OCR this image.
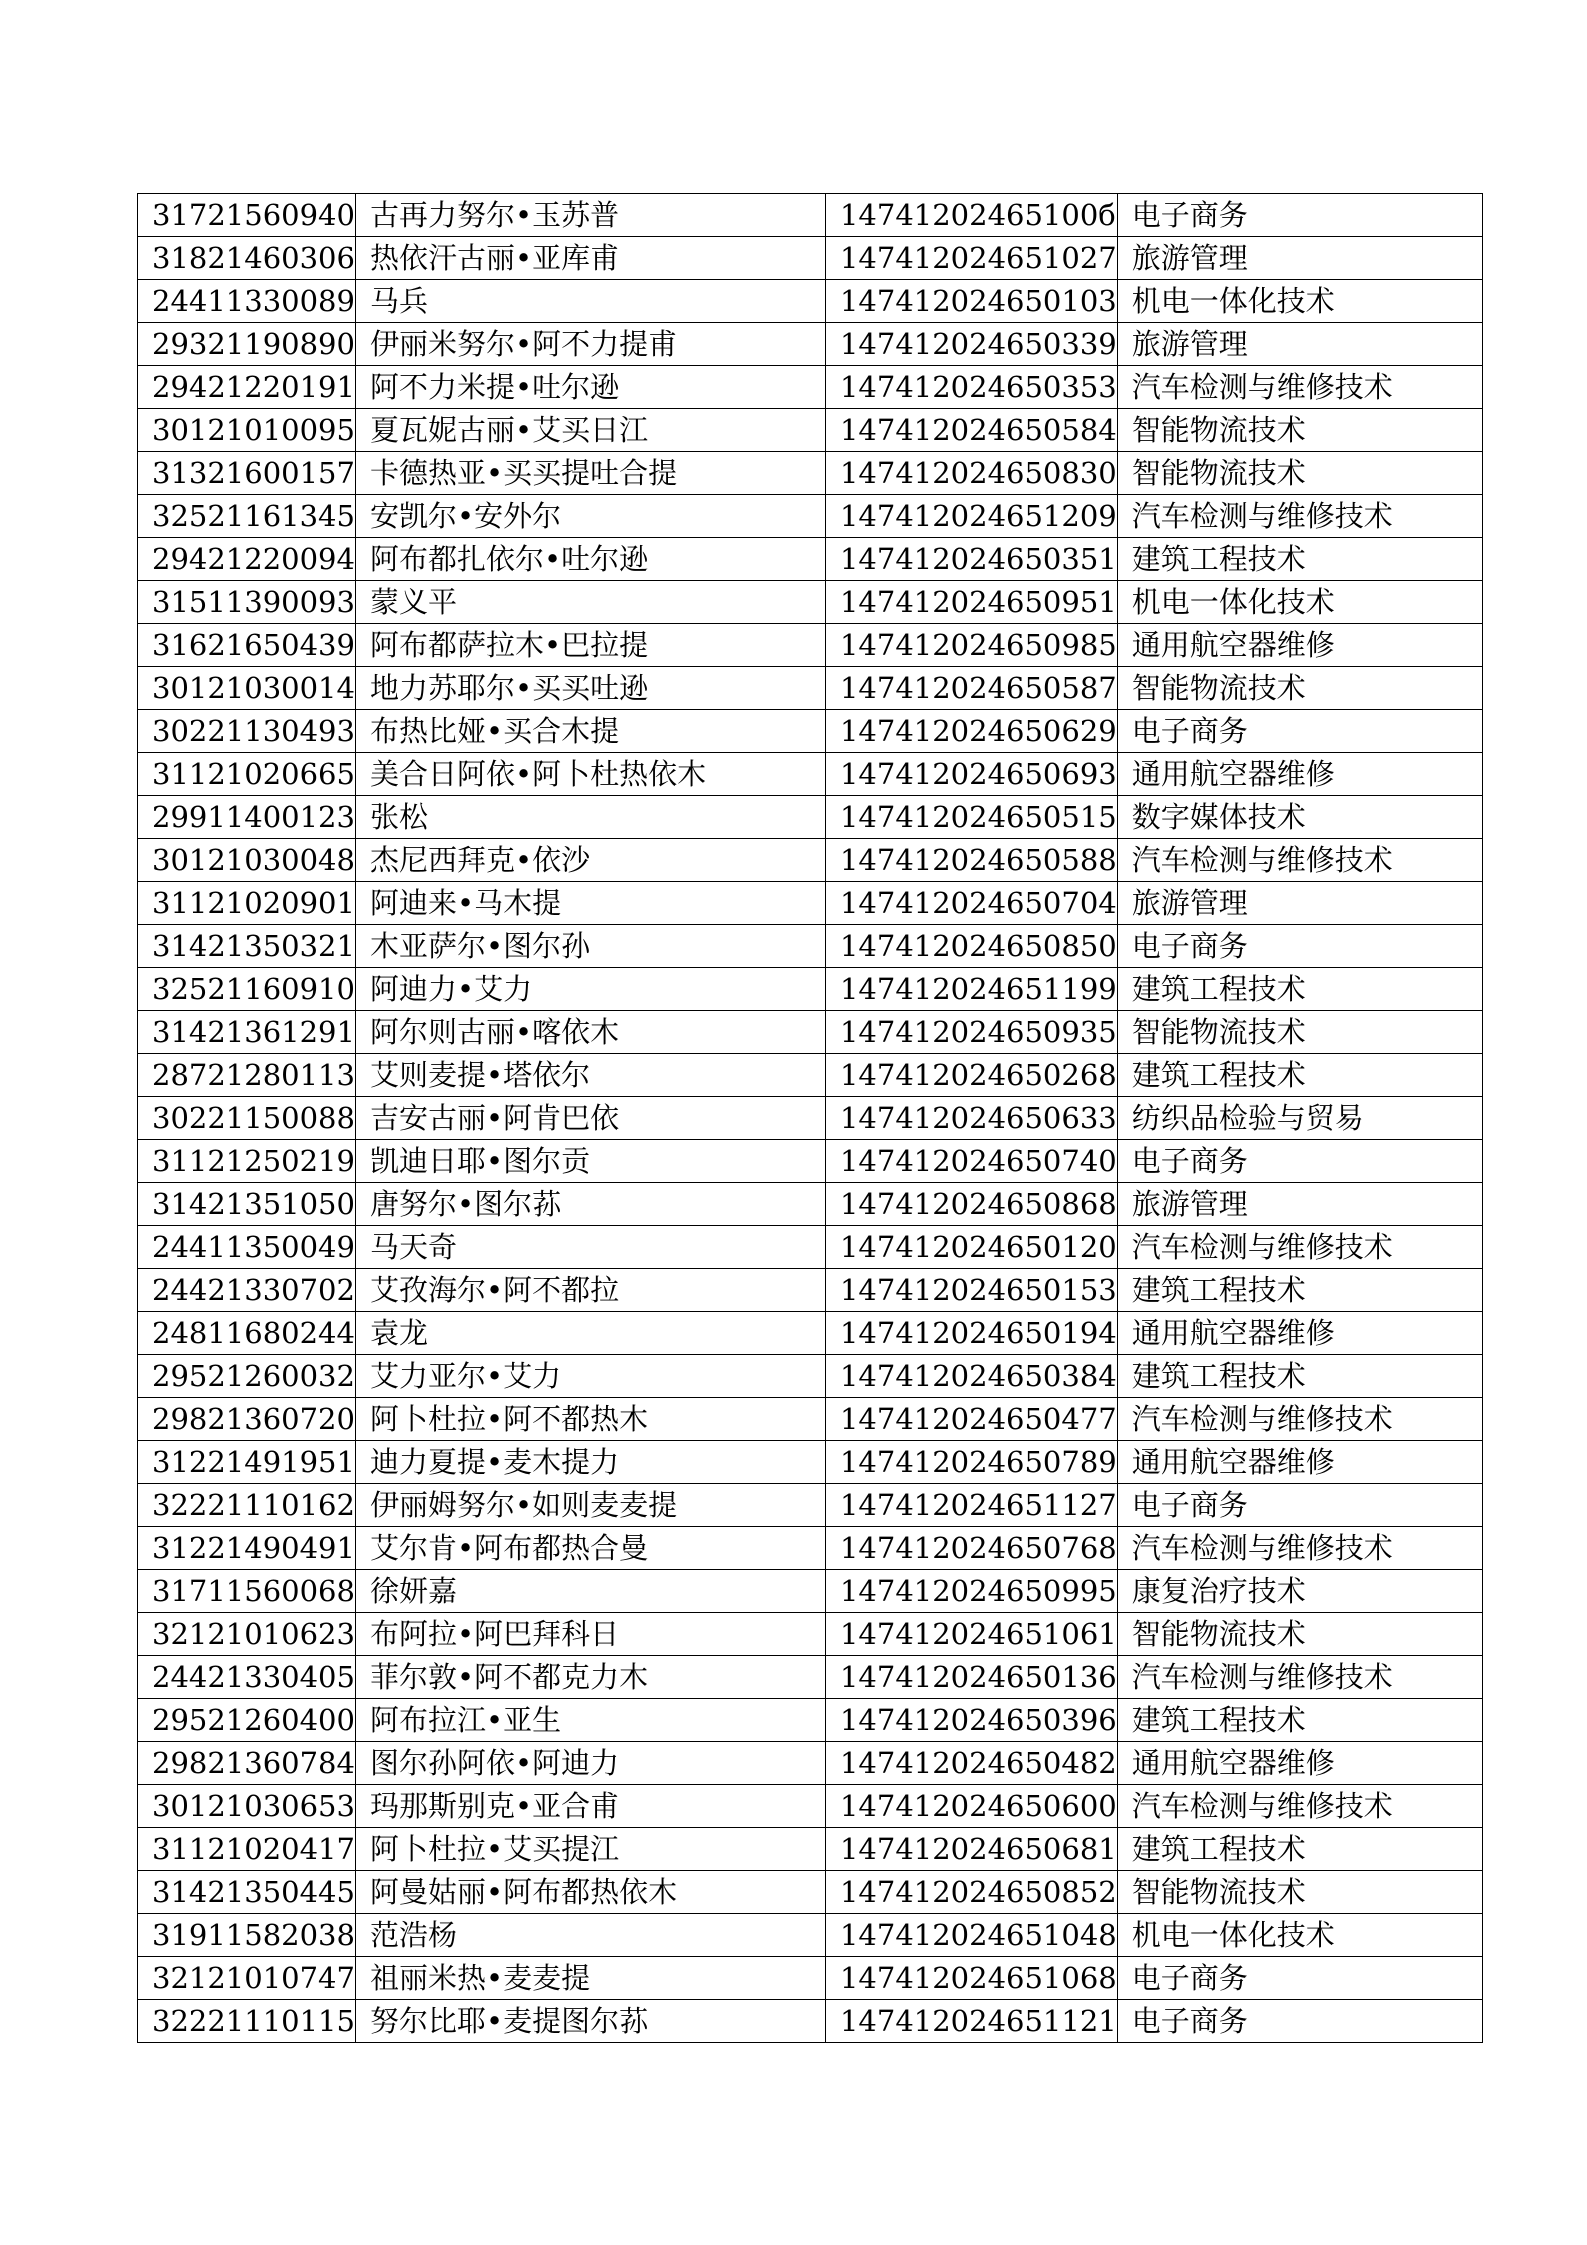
31721560940	古再力努尔•玉苏普	14741202465100б	电子商务
31821460306	热依汗古丽•亚库甫	147412024651027	旅游管理
24411330089	马兵	147412024650103	机电一体化技术
29321190890	伊丽米努尔•阿不力提甫	147412024650339	旅游管理
29421220191	阿不力米提•吐尔逊	147412024650353	汽车检测与维修技术
30121010095	夏瓦妮古丽•艾买日江	147412024650584	智能物流技术
31321600157	卡德热亚•买买提吐合提	147412024650830	智能物流技术
32521161345	安凯尔•安外尔	147412024651209	汽车检测与维修技术
29421220094	阿布都扎依尔•吐尔逊	147412024650351	建筑工程技术
31511390093	蒙义平	147412024650951	机电一体化技术
31621650439	阿布都萨拉木•巴拉提	147412024650985	通用航空器维修
30121030014	地力苏耶尔•买买吐逊	147412024650587	智能物流技术
30221130493	布热比娅•买合木提	147412024650629	电子商务
31121020665	美合日阿依•阿卜杜热依木	147412024650693	通用航空器维修
29911400123	张松	147412024650515	数字媒体技术
30121030048	杰尼西拜克•依沙	147412024650588	汽车检测与维修技术
31121020901	阿迪来•马木提	147412024650704	旅游管理
31421350321	木亚萨尔•图尔孙	147412024650850	电子商务
32521160910	阿迪力•艾力	147412024651199	建筑工程技术
31421361291	阿尔则古丽•喀依木	147412024650935	智能物流技术
28721280113	艾则麦提•塔依尔	147412024650268	建筑工程技术
30221150088	吉安古丽•阿肯巴依	147412024650633	纺织品检验与贸易
31121250219	凯迪日耶•图尔贡	147412024650740	电子商务
31421351050	唐努尔•图尔荪	147412024650868	旅游管理
24411350049	马天奇	147412024650120	汽车检测与维修技术
24421330702	艾孜海尔•阿不都拉	147412024650153	建筑工程技术
24811680244	袁龙	147412024650194	通用航空器维修
29521260032	艾力亚尔•艾力	147412024650384	建筑工程技术
29821360720	阿卜杜拉•阿不都热木	147412024650477	汽车检测与维修技术
31221491951	迪力夏提•麦木提力	147412024650789	通用航空器维修
32221110162	伊丽姆努尔•如则麦麦提	147412024651127	电子商务
31221490491	艾尔肯•阿布都热合曼	147412024650768	汽车检测与维修技术
31711560068	徐妍嘉	147412024650995	康复治疗技术
32121010623	布阿拉•阿巴拜科日	147412024651061	智能物流技术
24421330405	菲尔敦•阿不都克力木	147412024650136	汽车检测与维修技术
29521260400	阿布拉江•亚生	147412024650396	建筑工程技术
29821360784	图尔孙阿依•阿迪力	147412024650482	通用航空器维修
30121030653	玛那斯别克•亚合甫	147412024650600	汽车检测与维修技术
31121020417	阿卜杜拉•艾买提江	147412024650681	建筑工程技术
31421350445	阿曼姑丽•阿布都热依木	147412024650852	智能物流技术
31911582038	范浩杨	147412024651048	机电一体化技术
32121010747	祖丽米热•麦麦提	147412024651068	电子商务
32221110115	努尔比耶•麦提图尔荪	147412024651121	电子商务
